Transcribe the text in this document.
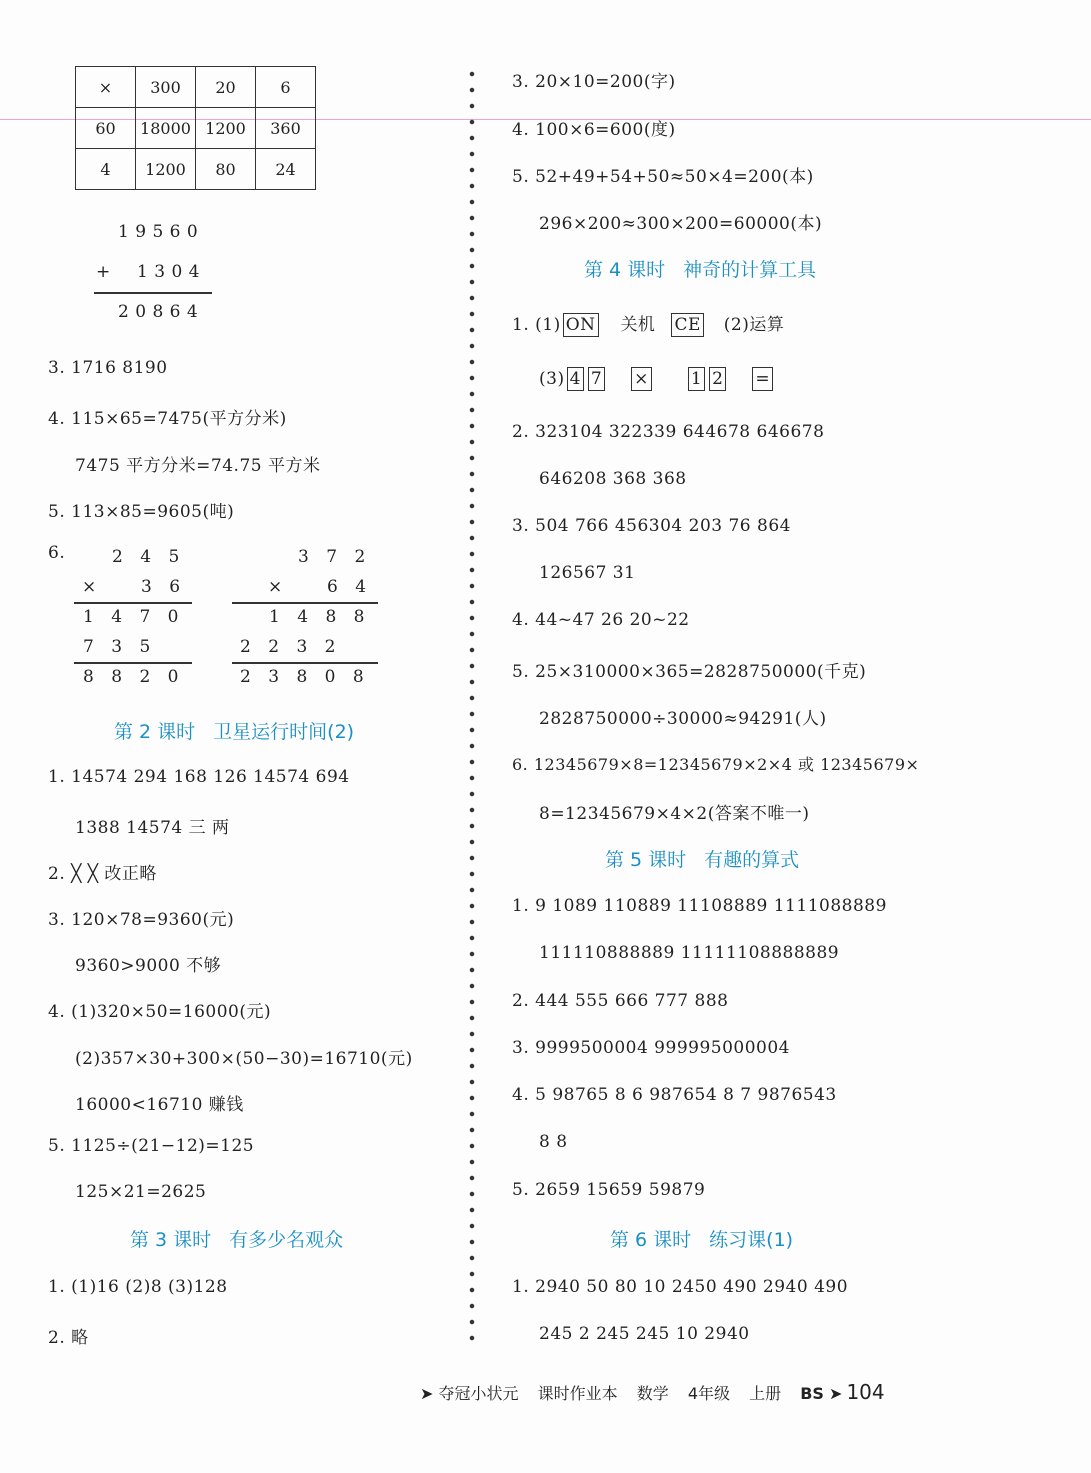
×	300	20	6
60	18000	1200	360
4	1200	80	24
1 9 5 6 0
+ 1 3 0 4
2 0 8 6 4
3. 1716 8190
4. 115×65=7475(平方分米)
7475 平方分米=74.75 平方米
5. 113×85=9605(吨)
6.	2 4 5
×	3 6
1 4 7 0
7 3 5
8 8 2 0
3 7 2
×	6 4
1 4 8 8
2 2 3 2
2 3 8 0 8
第 2 课时 卫星运行时间(2)
1. 14574 294 168 126 14574 694
1388 14574 三 两
2. ╳ ╳ 改正略
3. 120×78=9360(元)
9360>9000 不够
4. (1)320×50=16000(元)
(2)357×30+300×(50−30)=16710(元)
16000<16710 赚钱
5. 1125÷(21−12)=125
125×21=2625
第 3 课时 有多少名观众
1. (1)16 (2)8 (3)128
2. 略
3. 20×10=200(字)
4. 100×6=600(度)
5. 52+49+54+50≈50×4=200(本)
296×200≈300×200=60000(本)
第 4 课时 神奇的计算工具
1. (1) ON 关机 CE (2)运算
(3) 4 7 × 1 2 =
2. 323104 322339 644678 646678
646208 368 368
3. 504 766 456304 203 76 864
126567 31
4. 44~47 26 20~22
5. 25×310000×365=2828750000(千克)
2828750000÷30000≈94291(人)
6. 12345679×8=12345679×2×4 或 12345679×
8=12345679×4×2(答案不唯一)
第 5 课时 有趣的算式
1. 9 1089 110889 11108889 1111088889
111110888889 11111108888889
2. 444 555 666 777 888
3. 9999500004 999995000004
4. 5 98765 8 6 987654 8 7 9876543
8 8
5. 2659 15659 59879
第 6 课时 练习课(1)
1. 2940 50 80 10 2450 490 2940 490
245 2 245 245 10 2940
➤ 夺冠小状元 课时作业本 数学 4年级 上册 BS ➤ 104
